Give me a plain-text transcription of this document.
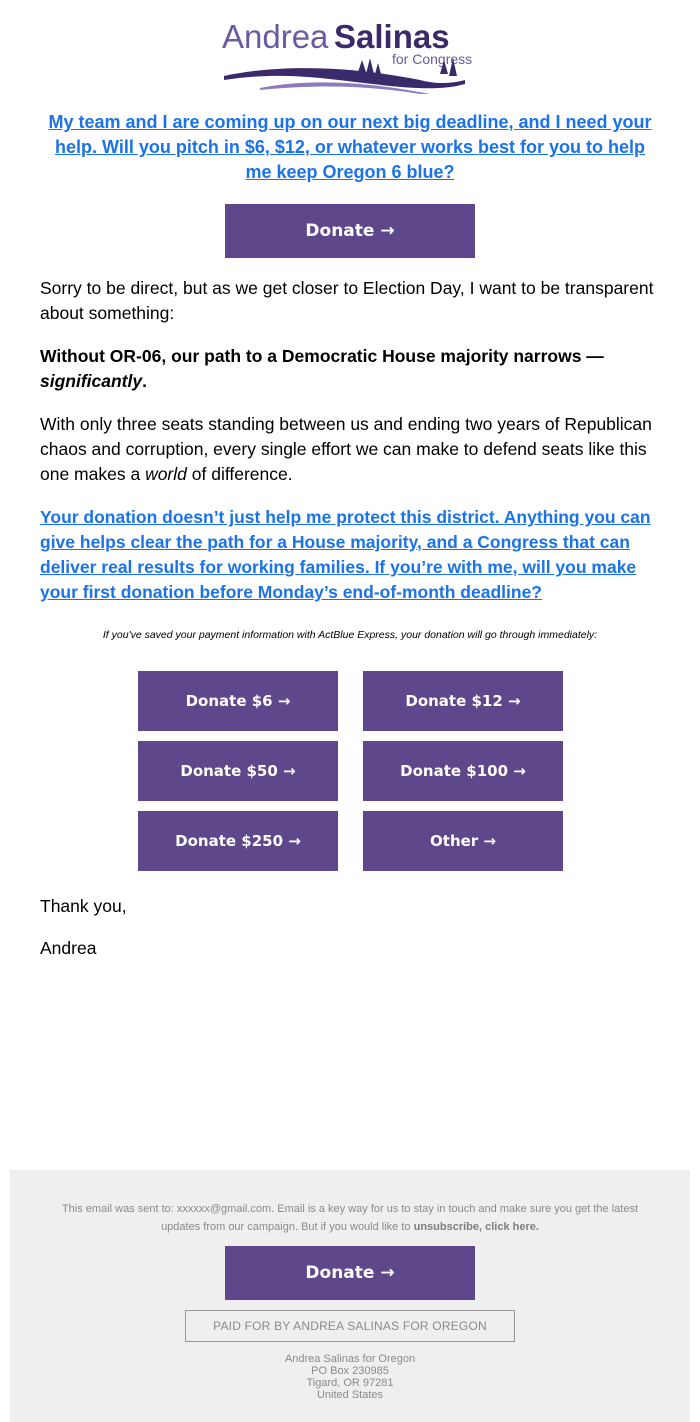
Andrea Salinas
for Congress
My team and I are coming up on our next big deadline, and I need your help. Will you pitch in $6, $12, or whatever works best for you to help me keep Oregon 6 blue?
Donate →
Sorry to be direct, but as we get closer to Election Day, I want to be transparent about something:
Without OR-06, our path to a Democratic House majority narrows — significantly.
With only three seats standing between us and ending two years of Republican chaos and corruption, every single effort we can make to defend seats like this one makes a world of difference.
Your donation doesn’t just help me protect this district. Anything you can give helps clear the path for a House majority, and a Congress that can deliver real results for working families. If you’re with me, will you make your first donation before Monday’s end-of-month deadline?
If you've saved your payment information with ActBlue Express, your donation will go through immediately:
Donate $6 →	Donate $12 →
Donate $50 →	Donate $100 →
Donate $250 →	Other →
Thank you,
Andrea
This email was sent to: xxxxxx@gmail.com. Email is a key way for us to stay in touch and make sure you get the latest updates from our campaign. But if you would like to unsubscribe, click here.
Donate →
PAID FOR BY ANDREA SALINAS FOR OREGON
Andrea Salinas for Oregon
PO Box 230985
Tigard, OR 97281
United States
